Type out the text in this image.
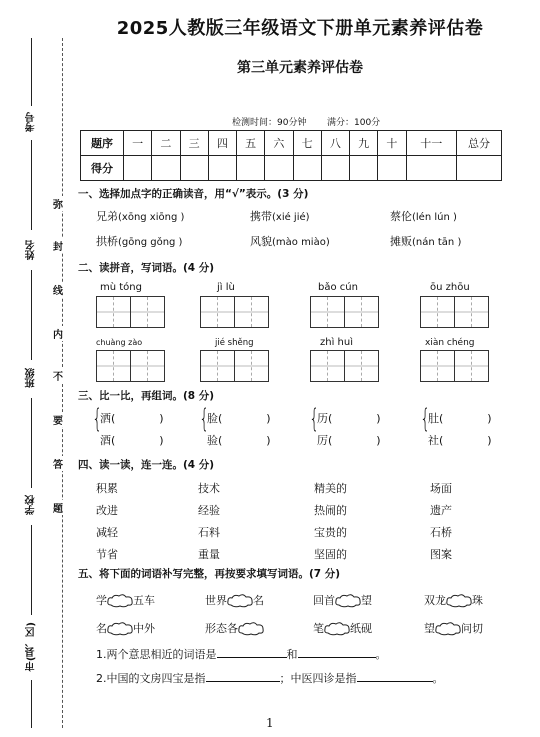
考号
姓名
班级
学校
市(县、区)
弥
封
线
内
不
要
答
题
2025人教版三年级语文下册单元素养评估卷
第三单元素养评估卷
检测时间：90分钟 满分：100分
题序	一	二	三	四	五	六	七	八	九	十	十一	总分
得分												
一、选择加点字的正确读音，用“√”表示。(3 分)
兄弟(xōng xiōng )	携带(xié jié)	蔡伦(lén lún )
拱桥(gōng gǒng )	风貌(mào miào)	摊贩(nán tān )
二、读拼音，写词语。(4 分)
mù tóng	jì lù	bǎo cún	ōu zhōu
chuàng zào	jié shěng	zhì huì	xiàn chéng
三、比一比，再组词。(8 分)
{
洒(	)
酒(	)
{
脸(	)
验(	)
{
历(	)
厉(	)
{
肚(	)
社(	)
四、读一读，连一连。(4 分)
积累	技术	精美的	场面
改进	经验	热闹的	遗产
减轻	石料	宝贵的	石桥
节省	重量	坚固的	图案
五、将下面的词语补写完整，再按要求填写词语。(7 分)
学 五车	世界 名	回首 望	双龙 珠
名 中外	形态各	笔 纸砚	望 问切
1.两个意思相近的词语是	和	。
2.中国的文房四宝是指	；中医四诊是指	。
1
